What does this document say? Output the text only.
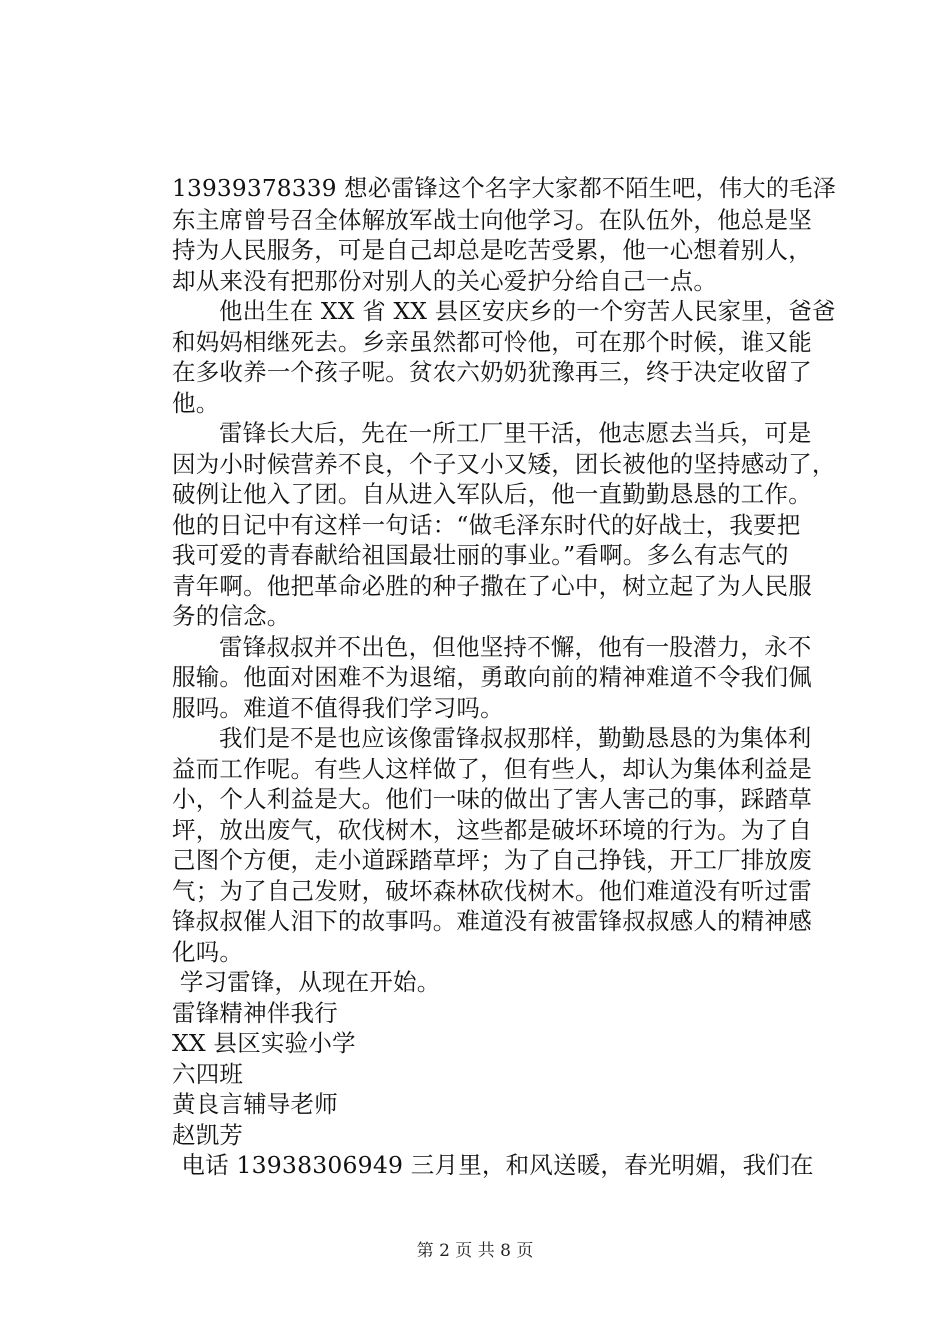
13939378339 想必雷锋这个名字大家都不陌生吧，伟大的毛泽
东主席曾号召全体解放军战士向他学习。在队伍外，他总是坚
持为人民服务，可是自己却总是吃苦受累，他一心想着别人，
却从来没有把那份对别人的关心爱护分给自己一点。
他出生在 XX 省 XX 县区安庆乡的一个穷苦人民家里，爸爸
和妈妈相继死去。乡亲虽然都可怜他，可在那个时候，谁又能
在多收养一个孩子呢。贫农六奶奶犹豫再三，终于决定收留了
他。
雷锋长大后，先在一所工厂里干活，他志愿去当兵，可是
因为小时候营养不良，个子又小又矮，团长被他的坚持感动了，
破例让他入了团。自从进入军队后，他一直勤勤恳恳的工作。
他的日记中有这样一句话：“做毛泽东时代的好战士，我要把
我可爱的青春献给祖国最壮丽的事业。”看啊。多么有志气的
青年啊。他把革命必胜的种子撒在了心中，树立起了为人民服
务的信念。
雷锋叔叔并不出色，但他坚持不懈，他有一股潜力，永不
服输。他面对困难不为退缩，勇敢向前的精神难道不令我们佩
服吗。难道不值得我们学习吗。
我们是不是也应该像雷锋叔叔那样，勤勤恳恳的为集体利
益而工作呢。有些人这样做了，但有些人，却认为集体利益是
小，个人利益是大。他们一味的做出了害人害己的事，踩踏草
坪，放出废气，砍伐树木，这些都是破坏环境的行为。为了自
己图个方便，走小道踩踏草坪；为了自己挣钱，开工厂排放废
气；为了自己发财，破坏森林砍伐树木。他们难道没有听过雷
锋叔叔催人泪下的故事吗。难道没有被雷锋叔叔感人的精神感
化吗。
学习雷锋，从现在开始。
雷锋精神伴我行
XX 县区实验小学
六四班
黄良言辅导老师
赵凯芳
电话 13938306949 三月里，和风送暖，春光明媚，我们在
第 2 页 共 8 页
